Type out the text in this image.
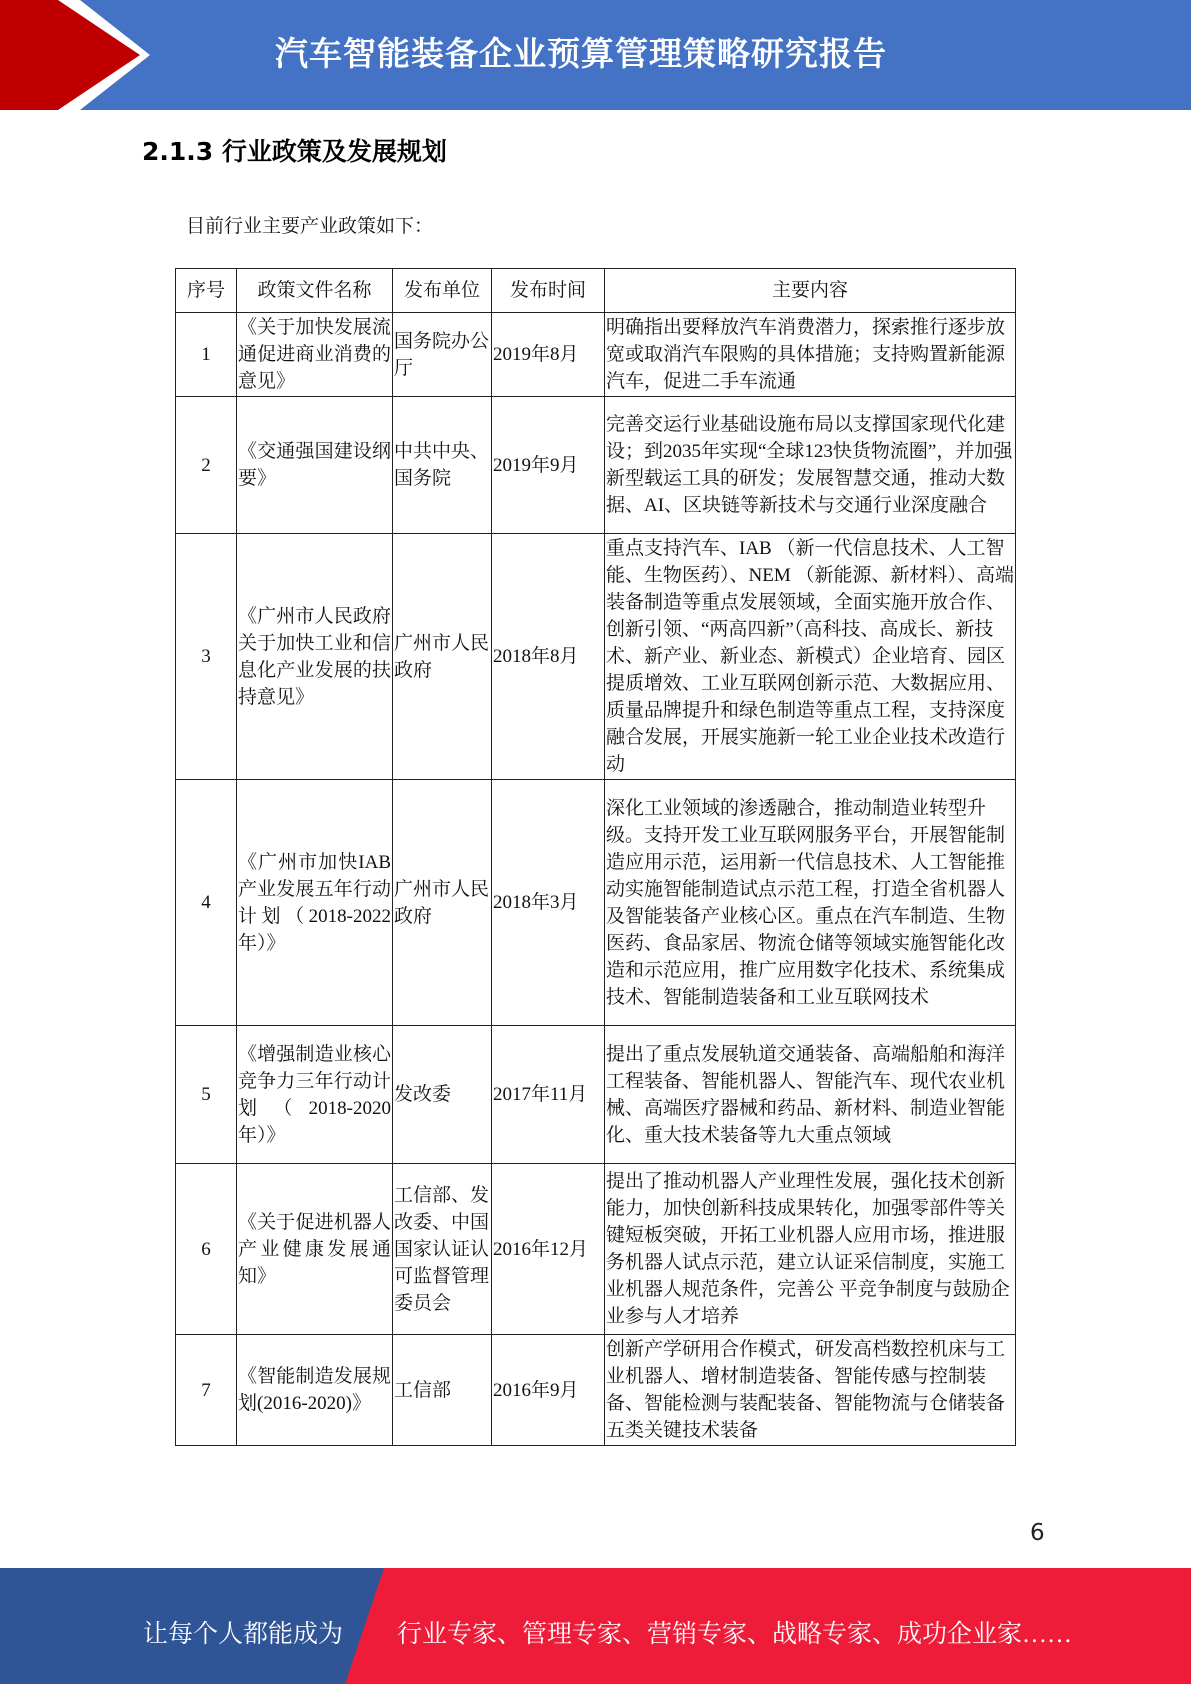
汽车智能装备企业预算管理策略研究报告
2.1.3 行业政策及发展规划
目前行业主要产业政策如下：
序号	政策文件名称	发布单位	发布时间	主要内容
1	《关于加快发展流通促进商业消费的意见》	国务院办公厅	2019年8月	明确指出要释放汽车消费潜力，探索推行逐步放宽或取消汽车限购的具体措施；支持购置新能源汽车，促进二手车流通
2	《交通强国建设纲要》	中共中央、国务院	2019年9月	完善交运行业基础设施布局以支撑国家现代化建设；到2035年实现“全球123快货物流圈”，并加强新型载运工具的研发；发展智慧交通，推动大数据、AI、区块链等新技术与交通行业深度融合
3	《广州市人民政府关于加快工业和信息化产业发展的扶持意见》	广州市人民政府	2018年8月	重点支持汽车、IAB （新一代信息技术、人工智能、生物医药）、NEM （新能源、新材料）、高端装备制造等重点发展领域，全面实施开放合作、创新引领、“两高四新”（高科技、高成长、新技术、新产业、新业态、新模式）企业培育、园区提质增效、工业互联网创新示范、大数据应用、质量品牌提升和绿色制造等重点工程，支持深度融合发展，开展实施新一轮工业企业技术改造行动
4	《广州市加快IAB产业发展五年行动计划（2018-2022年）》	广州市人民政府	2018年3月	深化工业领域的渗透融合，推动制造业转型升级。支持开发工业互联网服务平台，开展智能制造应用示范，运用新一代信息技术、人工智能推动实施智能制造试点示范工程，打造全省机器人及智能装备产业核心区。重点在汽车制造、生物医药、食品家居、物流仓储等领域实施智能化改造和示范应用，推广应用数字化技术、系统集成技术、智能制造装备和工业互联网技术
5	《增强制造业核心竞争力三年行动计划（2018-2020年）》	发改委	2017年11月	提出了重点发展轨道交通装备、高端船舶和海洋工程装备、智能机器人、智能汽车、现代农业机械、高端医疗器械和药品、新材料、制造业智能化、重大技术装备等九大重点领域
6	《关于促进机器人产业健康发展通知》	工信部、发改委、中国国家认证认可监督管理委员会	2016年12月	提出了推动机器人产业理性发展，强化技术创新能力，加快创新科技成果转化，加强零部件等关键短板突破，开拓工业机器人应用市场，推进服务机器人试点示范，建立认证采信制度，实施工业机器人规范条件，完善公 平竞争制度与鼓励企业参与人才培养
7	《智能制造发展规划(2016-2020)》	工信部	2016年9月	创新产学研用合作模式，研发高档数控机床与工业机器人、增材制造装备、智能传感与控制装备、智能检测与装配装备、智能物流与仓储装备五类关键技术装备
6
让每个人都能成为 行业专家、管理专家、营销专家、战略专家、成功企业家……
